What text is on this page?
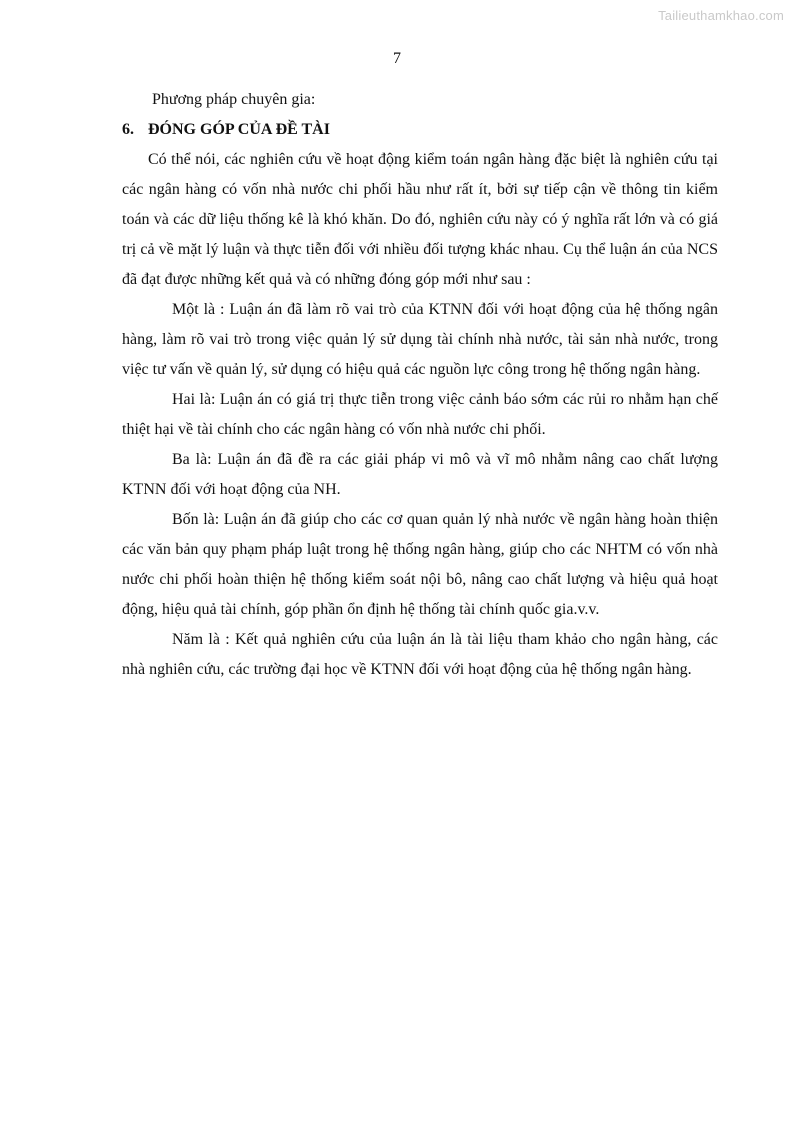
Tailieuthamkhao.com
7

Phương pháp chuyên gia:

6. ĐÓNG GÓP CỦA ĐỀ TÀI

Có thể nói, các nghiên cứu về hoạt động kiểm toán ngân hàng đặc biệt là nghiên cứu tại các ngân hàng có vốn nhà nước chi phối hầu như rất ít, bởi sự tiếp cận về thông tin kiểm toán và các dữ liệu thống kê là khó khăn. Do đó, nghiên cứu này có ý nghĩa rất lớn và có giá trị cả về mặt lý luận và thực tiễn đối với nhiều đối tượng khác nhau. Cụ thể luận án của NCS đã đạt được những kết quả và có những đóng góp mới như sau :

Một là : Luận án đã làm rõ vai trò của KTNN đối với hoạt động của hệ thống ngân hàng, làm rõ vai trò trong việc quản lý sử dụng tài chính nhà nước, tài sản nhà nước, trong việc tư vấn về quản lý, sử dụng có hiệu quả các nguồn lực công trong hệ thống ngân hàng.

Hai là: Luận án có giá trị thực tiễn trong việc cảnh báo sớm các rủi ro nhằm hạn chế thiệt hại về tài chính cho các ngân hàng có vốn nhà nước chi phối.

Ba là: Luận án đã đề ra các giải pháp vi mô và vĩ mô nhằm nâng cao chất lượng KTNN đối với hoạt động của NH.

Bốn là: Luận án đã giúp cho các cơ quan quản lý nhà nước về ngân hàng hoàn thiện các văn bản quy phạm pháp luật trong hệ thống ngân hàng, giúp cho các NHTM có vốn nhà nước chi phối hoàn thiện hệ thống kiểm soát nội bô, nâng cao chất lượng và hiệu quả hoạt động, hiệu quả tài chính, góp phần ổn định hệ thống tài chính quốc gia.v.v.

Năm là : Kết quả nghiên cứu của luận án là tài liệu tham khảo cho ngân hàng, các nhà nghiên cứu, các trường đại học về KTNN đối với hoạt động của hệ thống ngân hàng.
